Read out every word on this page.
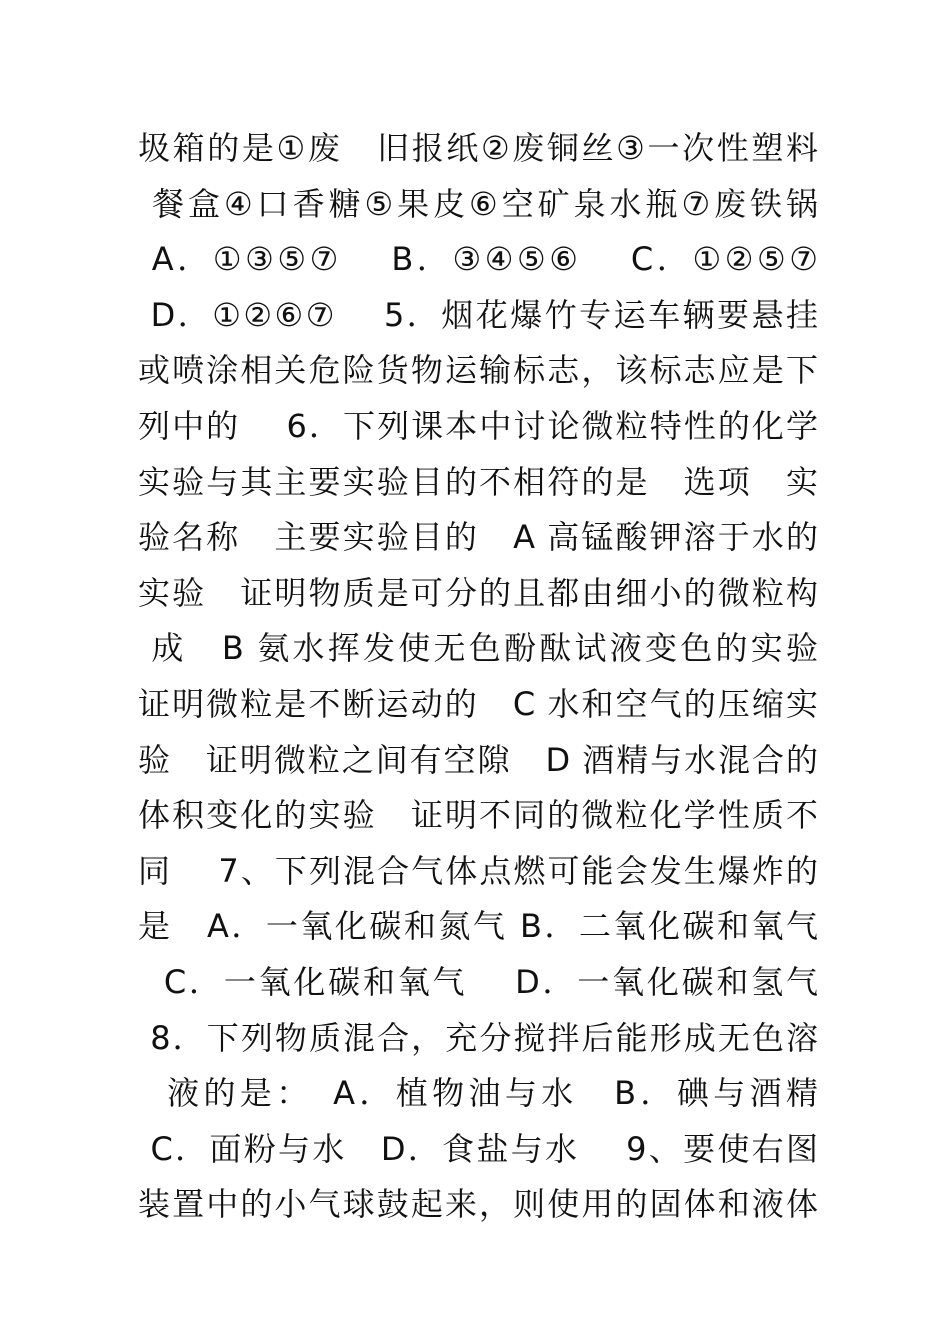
圾箱的是①废　旧报纸②废铜丝③一次性塑料
餐盒④口香糖⑤果皮⑥空矿泉水瓶⑦废铁锅
A．①③⑤⑦　 B．③④⑤⑥　 C．①②⑤⑦
D．①②⑥⑦　 5．烟花爆竹专运车辆要悬挂
或喷涂相关危险货物运输标志，该标志应是下
列中的　 6．下列课本中讨论微粒特性的化学
实验与其主要实验目的不相符的是　选项　实
验名称　主要实验目的　A 高锰酸钾溶于水的
实验　证明物质是可分的且都由细小的微粒构
成　B 氨水挥发使无色酚酞试液变色的实验
证明微粒是不断运动的　C 水和空气的压缩实
验　证明微粒之间有空隙　D 酒精与水混合的
体积变化的实验　证明不同的微粒化学性质不
同　 7、下列混合气体点燃可能会发生爆炸的
是　A．一氧化碳和氮气 B．二氧化碳和氧气
C．一氧化碳和氧气　 D．一氧化碳和氢气
8．下列物质混合，充分搅拌后能形成无色溶
液的是：　A．植物油与水　B．碘与酒精
C．面粉与水　D．食盐与水　 9、要使右图
装置中的小气球鼓起来，则使用的固体和液体
